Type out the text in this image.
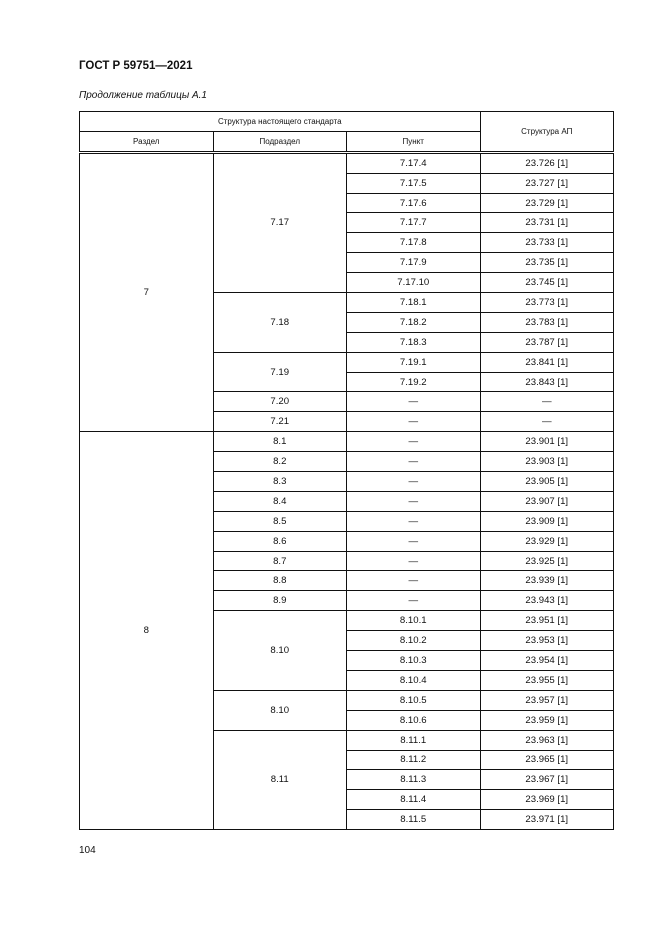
ГОСТ Р 59751—2021
Продолжение таблицы А.1
Структура настоящего стандарта			Структура АП
Раздел	Подраздел	Пункт	
7	7.17	7.17.4	23.726 [1]
		7.17.5	23.727 [1]
		7.17.6	23.729 [1]
		7.17.7	23.731 [1]
		7.17.8	23.733 [1]
		7.17.9	23.735 [1]
		7.17.10	23.745 [1]
	7.18	7.18.1	23.773 [1]
		7.18.2	23.783 [1]
		7.18.3	23.787 [1]
	7.19	7.19.1	23.841 [1]
		7.19.2	23.843 [1]
	7.20	—	—
	7.21	—	—
8	8.1	—	23.901 [1]
	8.2	—	23.903 [1]
	8.3	—	23.905 [1]
	8.4	—	23.907 [1]
	8.5	—	23.909 [1]
	8.6	—	23.929 [1]
	8.7	—	23.925 [1]
	8.8	—	23.939 [1]
	8.9	—	23.943 [1]
	8.10	8.10.1	23.951 [1]
		8.10.2	23.953 [1]
		8.10.3	23.954 [1]
		8.10.4	23.955 [1]
	8.10	8.10.5	23.957 [1]
		8.10.6	23.959 [1]
	8.11	8.11.1	23.963 [1]
		8.11.2	23.965 [1]
		8.11.3	23.967 [1]
		8.11.4	23.969 [1]
		8.11.5	23.971 [1]
104
